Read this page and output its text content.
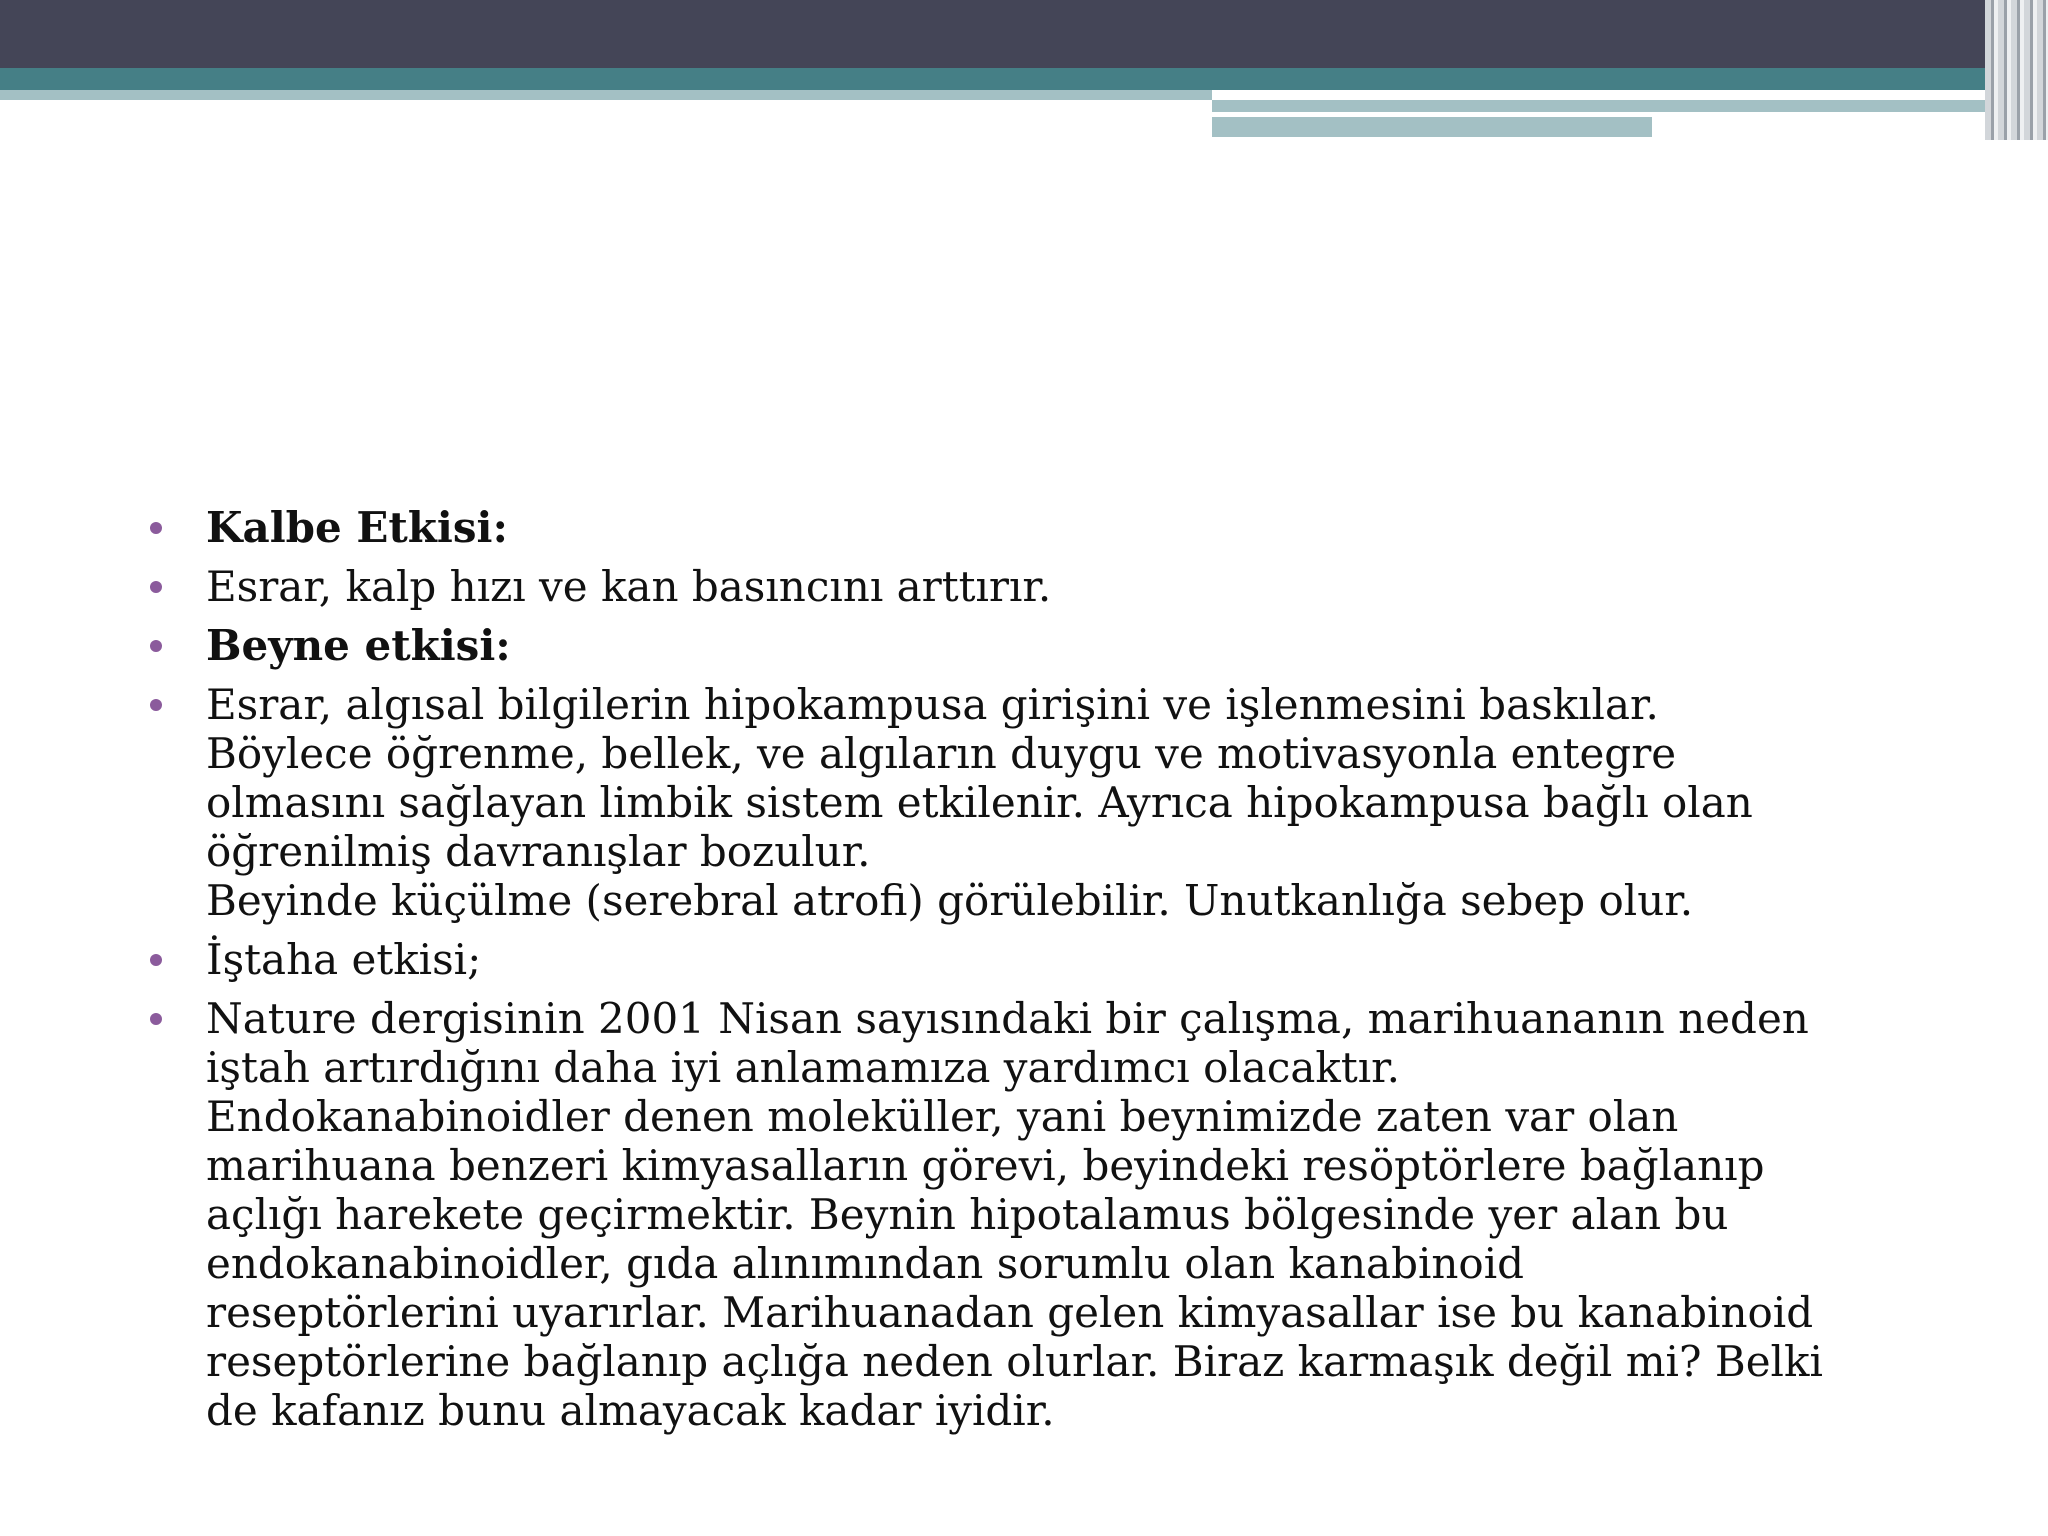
Kalbe Etkisi:
Esrar, kalp hızı ve kan basıncını arttırır.
Beyne etkisi:
Esrar, algısal bilgilerin hipokampusa girişini ve işlenmesini baskılar.
Böylece öğrenme, bellek, ve algıların duygu ve motivasyonla entegre
olmasını sağlayan limbik sistem etkilenir. Ayrıca hipokampusa bağlı olan
öğrenilmiş davranışlar bozulur.
Beyinde küçülme (serebral atrofi) görülebilir. Unutkanlığa sebep olur.
İştaha etkisi;
Nature dergisinin 2001 Nisan sayısındaki bir çalışma, marihuananın neden
iştah artırdığını daha iyi anlamamıza yardımcı olacaktır.
Endokanabinoidler denen moleküller, yani beynimizde zaten var olan
marihuana benzeri kimyasalların görevi, beyindeki resöptörlere bağlanıp
açlığı harekete geçirmektir. Beynin hipotalamus bölgesinde yer alan bu
endokanabinoidler, gıda alınımından sorumlu olan kanabinoid
reseptörlerini uyarırlar. Marihuanadan gelen kimyasallar ise bu kanabinoid
reseptörlerine bağlanıp açlığa neden olurlar. Biraz karmaşık değil mi? Belki
de kafanız bunu almayacak kadar iyidir.
